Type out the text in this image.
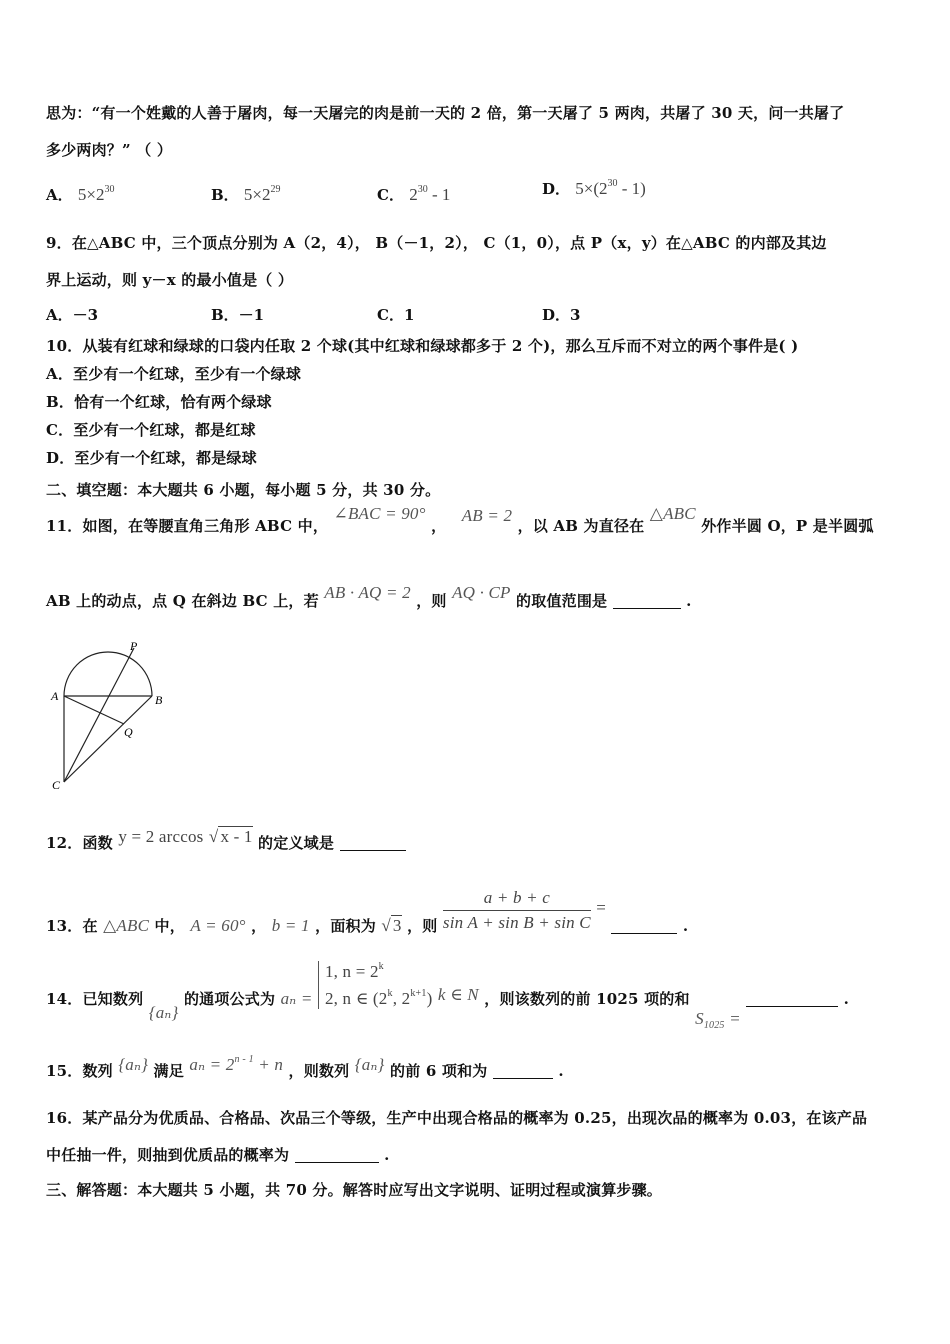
思为：“有一个姓戴的人善于屠肉，每一天屠完的肉是前一天的 2 倍，第一天屠了 5 两肉，共屠了 30 天，问一共屠了
多少两肉？” （ ）
A． $5\times 2^{30}$	B． $5\times 2^{29}$	C． $2^{30} - 1$	D． $5\times(2^{30} - 1)$
9．在△ABC 中，三个顶点分别为 A（2，4）， B（－1，2）， C（1，0），点 P（x，y）在△ABC 的内部及其边
界上运动，则 y－x 的最小值是（ ）
A．－3	B．－1	C．1	D．3
10．从装有红球和绿球的口袋内任取 2 个球(其中红球和绿球都多于 2 个)，那么互斥而不对立的两个事件是( )
A．至少有一个红球，至少有一个绿球
B．恰有一个红球，恰有两个绿球
C．至少有一个红球，都是红球
D．至少有一个红球，都是绿球
二、填空题：本大题共 6 小题，每小题 5 分，共 30 分。
11．如图，在等腰直角三角形 ABC 中， ∠BAC = 90° ， AB = 2 ，以 AB 为直径在 △ABC 外作半圆 O，P 是半圆弧
AB 上的动点，点 Q 在斜边 BC 上，若 AB · AQ = 2 ，则 AQ · CP 的取值范围是	.
P
A	B
Q
C
12．函数 y = 2 arccos √ x - 1 的定义域是
13．在 △ABC 中， A = 60° ， b = 1 ，面积为 √ 3 ，则 $\frac{a + b + c}{\text{sin A + sin B + sin C}}$ =  .
14．已知数列 {aₙ} 的通项公式为 aₙ =
1, $n = 2^k$
2, n ∈ (2$^k$, $2^{k+1}$) k ∈ N ，则该数列的前 1025 项的和 $S_{1025}$ =  .
15．数列 {aₙ} 满足 $a_n = 2^{n - 1} + n$ ，则数列 {aₙ} 的前 6 项和为	.
16．某产品分为优质品、合格品、次品三个等级，生产中出现合格品的概率为 0.25，出现次品的概率为 0.03，在该产品
中任抽一件，则抽到优质品的概率为	.
三、解答题：本大题共 5 小题，共 70 分。解答时应写出文字说明、证明过程或演算步骤。
